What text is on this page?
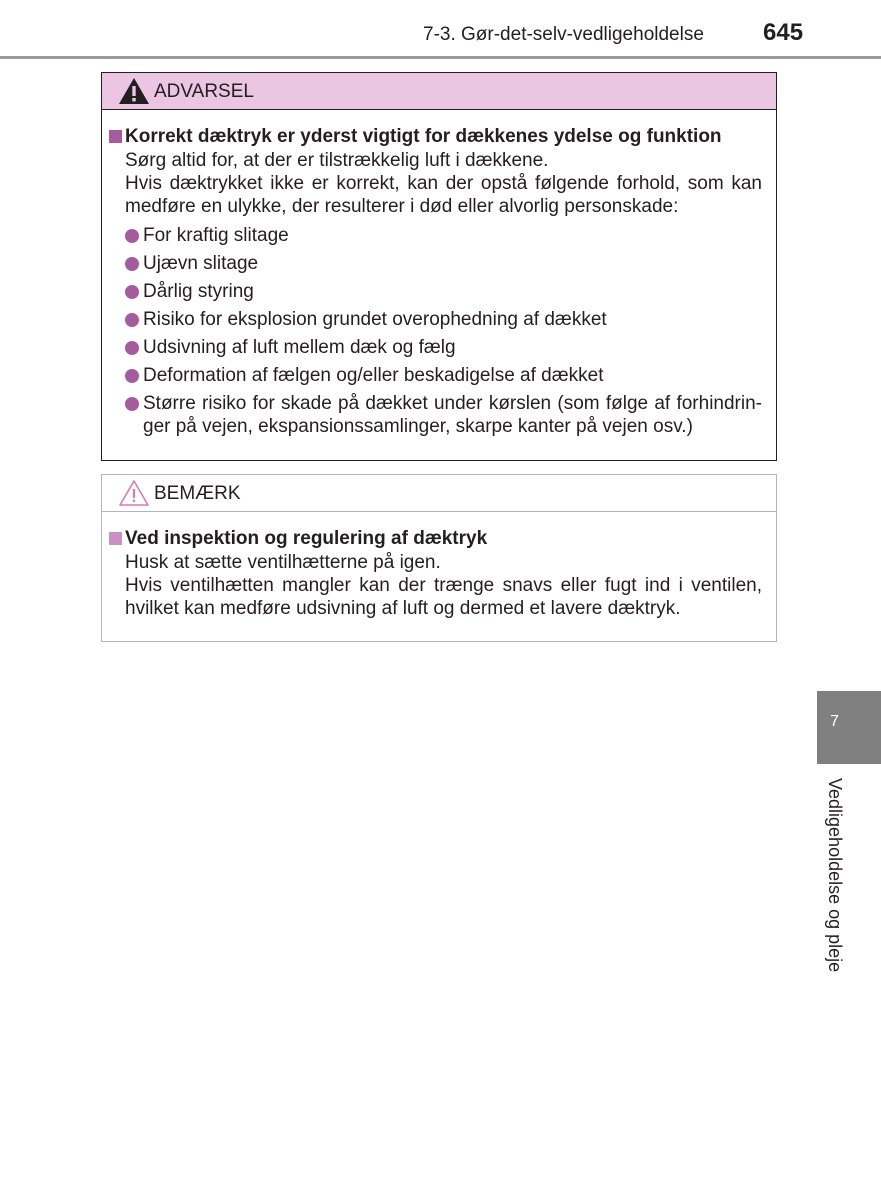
7-3. Gør-det-selv-vedligeholdelse 645
ADVARSEL
Korrekt dæktryk er yderst vigtigt for dækkenes ydelse og funktion
Sørg altid for, at der er tilstrækkelig luft i dækkene.
Hvis dæktrykket ikke er korrekt, kan der opstå følgende forhold, som kan medføre en ulykke, der resulterer i død eller alvorlig personskade:
For kraftig slitage
Ujævn slitage
Dårlig styring
Risiko for eksplosion grundet overophedning af dækket
Udsivning af luft mellem dæk og fælg
Deformation af fælgen og/eller beskadigelse af dækket
Større risiko for skade på dækket under kørslen (som følge af forhindrin-ger på vejen, ekspansionssamlinger, skarpe kanter på vejen osv.)
BEMÆRK
Ved inspektion og regulering af dæktryk
Husk at sætte ventilhætterne på igen.
Hvis ventilhætten mangler kan der trænge snavs eller fugt ind i ventilen, hvilket kan medføre udsivning af luft og dermed et lavere dæktryk.
7
Vedligeholdelse og pleje
